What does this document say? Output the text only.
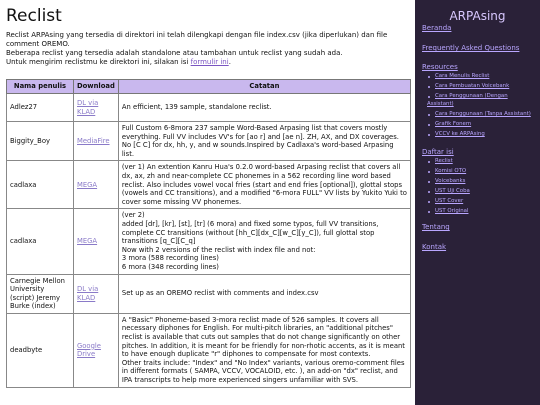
Reclist

Reclist ARPAsing yang tersedia di direktori ini telah dilengkapi dengan file index.csv (jika diperlukan) dan file comment OREMO.

Beberapa reclist yang tersedia adalah standalone atau tambahan untuk reclist yang sudah ada.

Untuk mengirim reclistmu ke direktori ini, silakan isi formulir ini.

Nama penulis	Download	Catatan
Adlez27	DL via KLAD	An efficient, 139 sample, standalone reclist.
Biggity_Boy	MediaFire	Full Custom 6-8mora 237 sample Word-Based Arpasing list that covers mostly everything. Full VV includes VV's for [ao r] and [ae n]. ZH, AX, and DX coverages. No [C C] for dx, hh, y, and w sounds.Inspired by Cadlaxa's word-based Arpasing list.
cadlaxa	MEGA	(ver 1) An extention Kanru Hua's 0.2.0 word-based Arpasing reclist that covers all dx, ax, zh and near-complete CC phonemes in a 562 recording line word based reclist. Also includes vowel vocal fries (start and end fries [optional]), glottal stops (vowels and CC transitions), and a modified "6-mora FULL" VV lists by Yukito Yuki to cover some missing VV phonemes.
cadlaxa	MEGA	(ver 2)
added [dr], [kr], [st], [tr] (6 mora) and fixed some typos, full VV transitions, complete CC transitions (without [hh_C][dx_C][w_C][y_C]), full glottal stop transitions [q_C][C_q]
Now with 2 versions of the reclist with index file and not:
3 mora (588 recording lines)
6 mora (348 recording lines)

Carnegie Mellon University (script) Jeremy Burke (index)	DL via KLAD	Set up as an OREMO reclist with comments and index.csv
deadbyte	Google Drive	A "Basic" Phoneme-based 3-mora reclist made of 526 samples. It covers all necessary diphones for English. For multi-pitch libraries, an "additional pitches" reclist is available that cuts out samples that do not change significantly on other pitches. In addition, it is meant for be friendly for non-rhotic accents, as it is meant to have enough duplicate "r" diphones to compensate for most contexts.
Other traits include: "Index" and "No Index" variants, various oremo-comment files in different formats ( SAMPA, VCCV, VOCALOID, etc. ), an add-on "dx" reclist, and IPA transcripts to help more experienced singers unfamiliar with SVS.
ARPAsing
Beranda
Frequently Asked Questions
Resources
Cara Menulis Reclist
Cara Pembuatan Voicebank
Cara Penggunaan (Dengan
Assistant)
Cara Penggunaan (Tanpa Assistant)
Grafik Fonem
VCCV ke ARPAsing
Daftar isi
Reclist
Komisi OTO
Voicebanks
UST Uji Coba
UST Cover
UST Original
Tentang
Kontak
